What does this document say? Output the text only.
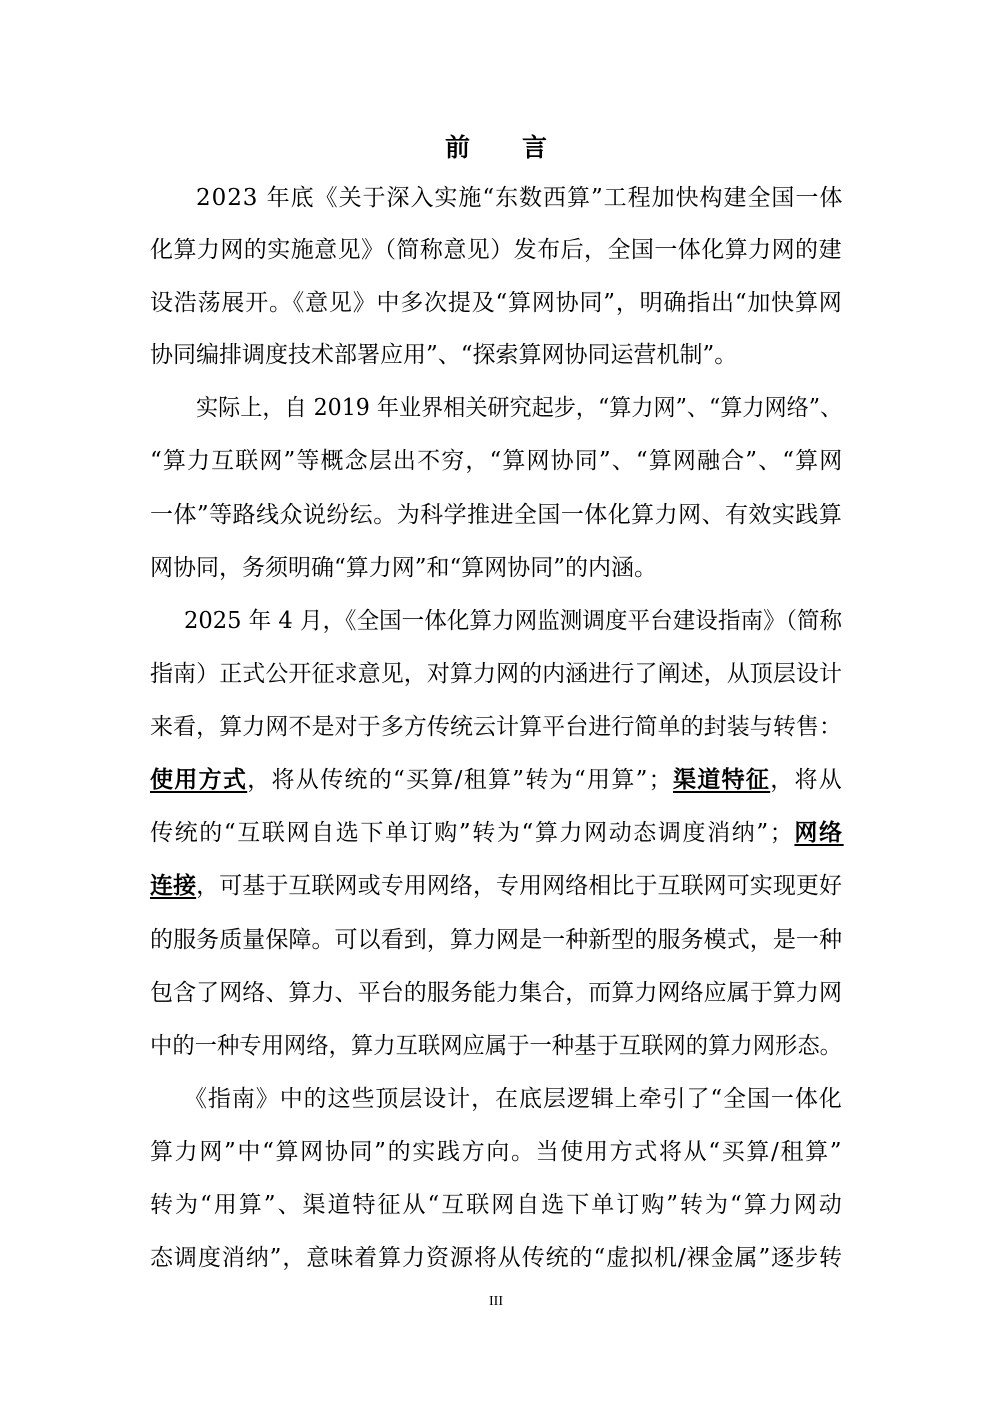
前 言
2023 年底《关于深入实施“东数西算”工程加快构建全国一体
化算力网的实施意见》（简称意见）发布后，全国一体化算力网的建
设浩荡展开。《意见》中多次提及“算网协同”，明确指出“加快算网
协同编排调度技术部署应用”、“探索算网协同运营机制”。
实际上，自 2019 年业界相关研究起步，“算力网”、“算力网络”、
“算力互联网”等概念层出不穷，“算网协同”、“算网融合”、“算网
一体”等路线众说纷纭。为科学推进全国一体化算力网、有效实践算
网协同，务须明确“算力网”和“算网协同”的内涵。
2025 年 4 月，《全国一体化算力网监测调度平台建设指南》（简称
指南）正式公开征求意见，对算力网的内涵进行了阐述，从顶层设计
来看，算力网不是对于多方传统云计算平台进行简单的封装与转售：
使用方式，将从传统的“买算/租算”转为“用算”；渠道特征，将从
传统的“互联网自选下单订购”转为“算力网动态调度消纳”；网络
连接，可基于互联网或专用网络，专用网络相比于互联网可实现更好
的服务质量保障。可以看到，算力网是一种新型的服务模式，是一种
包含了网络、算力、平台的服务能力集合，而算力网络应属于算力网
中的一种专用网络，算力互联网应属于一种基于互联网的算力网形态。
《指南》中的这些顶层设计，在底层逻辑上牵引了“全国一体化
算力网”中“算网协同”的实践方向。当使用方式将从“买算/租算”
转为“用算”、渠道特征从“互联网自选下单订购”转为“算力网动
态调度消纳”，意味着算力资源将从传统的“虚拟机/裸金属”逐步转
III
